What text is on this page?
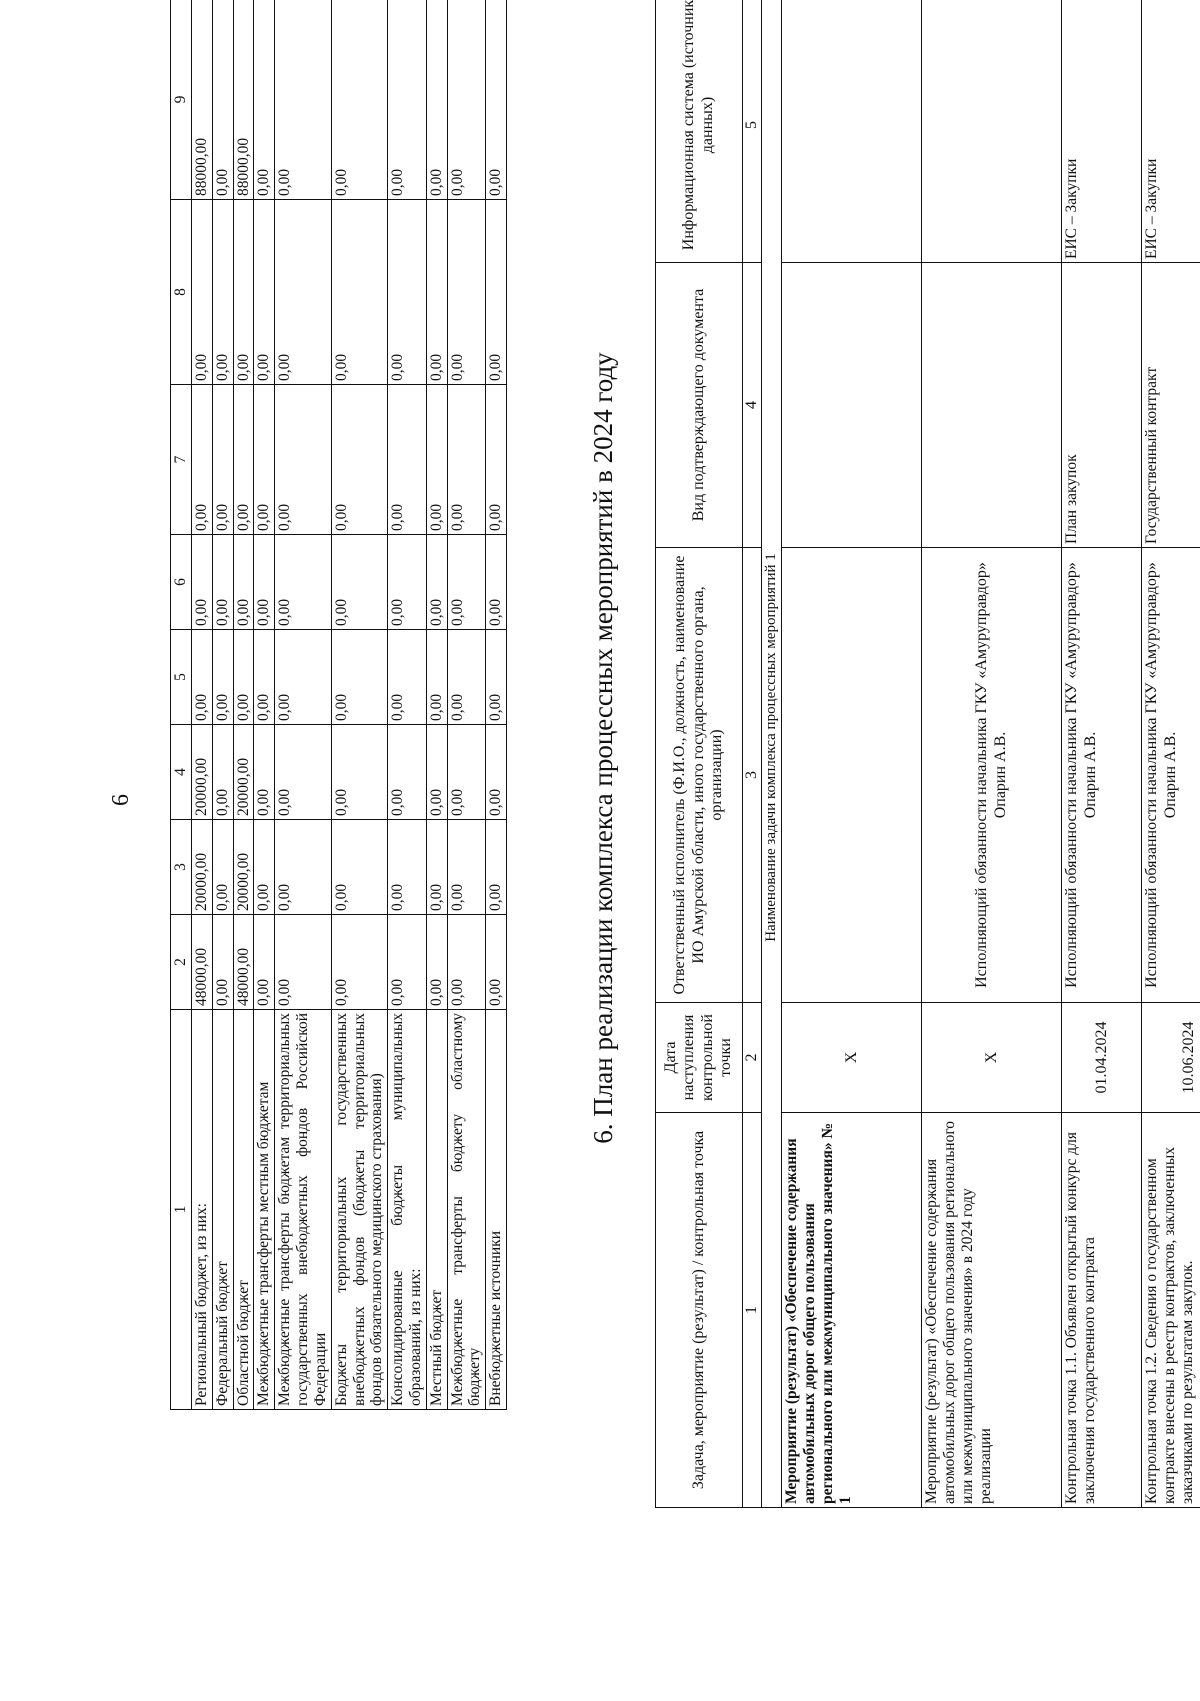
6
1	2	3	4	5	6	7	8	9
Региональный бюджет, из них:	48000,00	20000,00	20000,00	0,00	0,00	0,00	0,00	88000,00
Федеральный бюджет	0,00	0,00	0,00	0,00	0,00	0,00	0,00	0,00
Областной бюджет	48000,00	20000,00	20000,00	0,00	0,00	0,00	0,00	88000,00
Межбюджетные трансферты местным бюджетам	0,00	0,00	0,00	0,00	0,00	0,00	0,00	0,00
Межбюджетные трансферты бюджетам территориальных государственных внебюджетных фондов Российской Федерации	0,00	0,00	0,00	0,00	0,00	0,00	0,00	0,00
Бюджеты территориальных государственных внебюджетных фондов (бюджеты территориальных фондов обязательного медицинского страхования)	0,00	0,00	0,00	0,00	0,00	0,00	0,00	0,00
Консолидированные бюджеты муниципальных образований, из них:	0,00	0,00	0,00	0,00	0,00	0,00	0,00	0,00
Местный бюджет	0,00	0,00	0,00	0,00	0,00	0,00	0,00	0,00
Межбюджетные трансферты бюджету областному бюджету	0,00	0,00	0,00	0,00	0,00	0,00	0,00	0,00
Внебюджетные источники	0,00	0,00	0,00	0,00	0,00	0,00	0,00	0,00
6. План реализации комплекса процессных мероприятий в 2024 году
Задача, мероприятие (результат) / контрольная точка	Дата наступления контрольной точки	Ответственный исполнитель (Ф.И.О., должность, наименование ИО Амурской области, иного государственного органа, организации)	Вид подтверждающего документа	Информационная система (источник данных)
1	2	3	4	5
Наименование задачи комплекса процессных мероприятий 1				
Мероприятие (результат) «Обеспечение содержания автомобильных дорог общего пользования регионального или межмуниципального значения» № 1	X			
Мероприятие (результат) «Обеспечение содержания автомобильных дорог общего пользования регионального или межмуниципального значения» в 2024 году реализации	X	Исполняющий обязанности начальника ГКУ «Амуруправдор» Опарин А.В.		
Контрольная точка 1.1. Объявлен открытый конкурс для заключения государственного контракта	01.04.2024	Исполняющий обязанности начальника ГКУ «Амуруправдор» Опарин А.В.	План закупок	ЕИС – Закупки
Контрольная точка 1.2. Сведения о государственном контракте внесены в реестр контрактов, заключенных заказчиками по результатам закупок.	10.06.2024	Исполняющий обязанности начальника ГКУ «Амуруправдор» Опарин А.В.	Государственный контракт	ЕИС – Закупки
